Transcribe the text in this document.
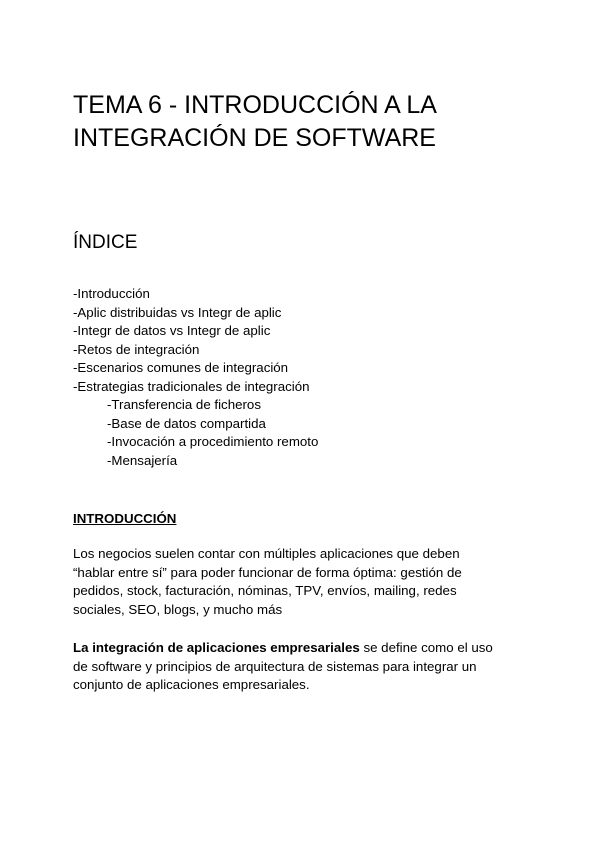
TEMA 6 - INTRODUCCIÓN A LA
INTEGRACIÓN DE SOFTWARE
ÍNDICE
-Introducción
-Aplic distribuidas vs Integr de aplic
-Integr de datos vs Integr de aplic
-Retos de integración
-Escenarios comunes de integración
-Estrategias tradicionales de integración
-Transferencia de ficheros
-Base de datos compartida
-Invocación a procedimiento remoto
-Mensajería
INTRODUCCIÓN

Los negocios suelen contar con múltiples aplicaciones que deben
“hablar entre sí” para poder funcionar de forma óptima: gestión de
pedidos, stock, facturación, nóminas, TPV, envíos, mailing, redes
sociales, SEO, blogs, y mucho más

La integración de aplicaciones empresariales se define como el uso
de software y principios de arquitectura de sistemas para integrar un
conjunto de aplicaciones empresariales.
